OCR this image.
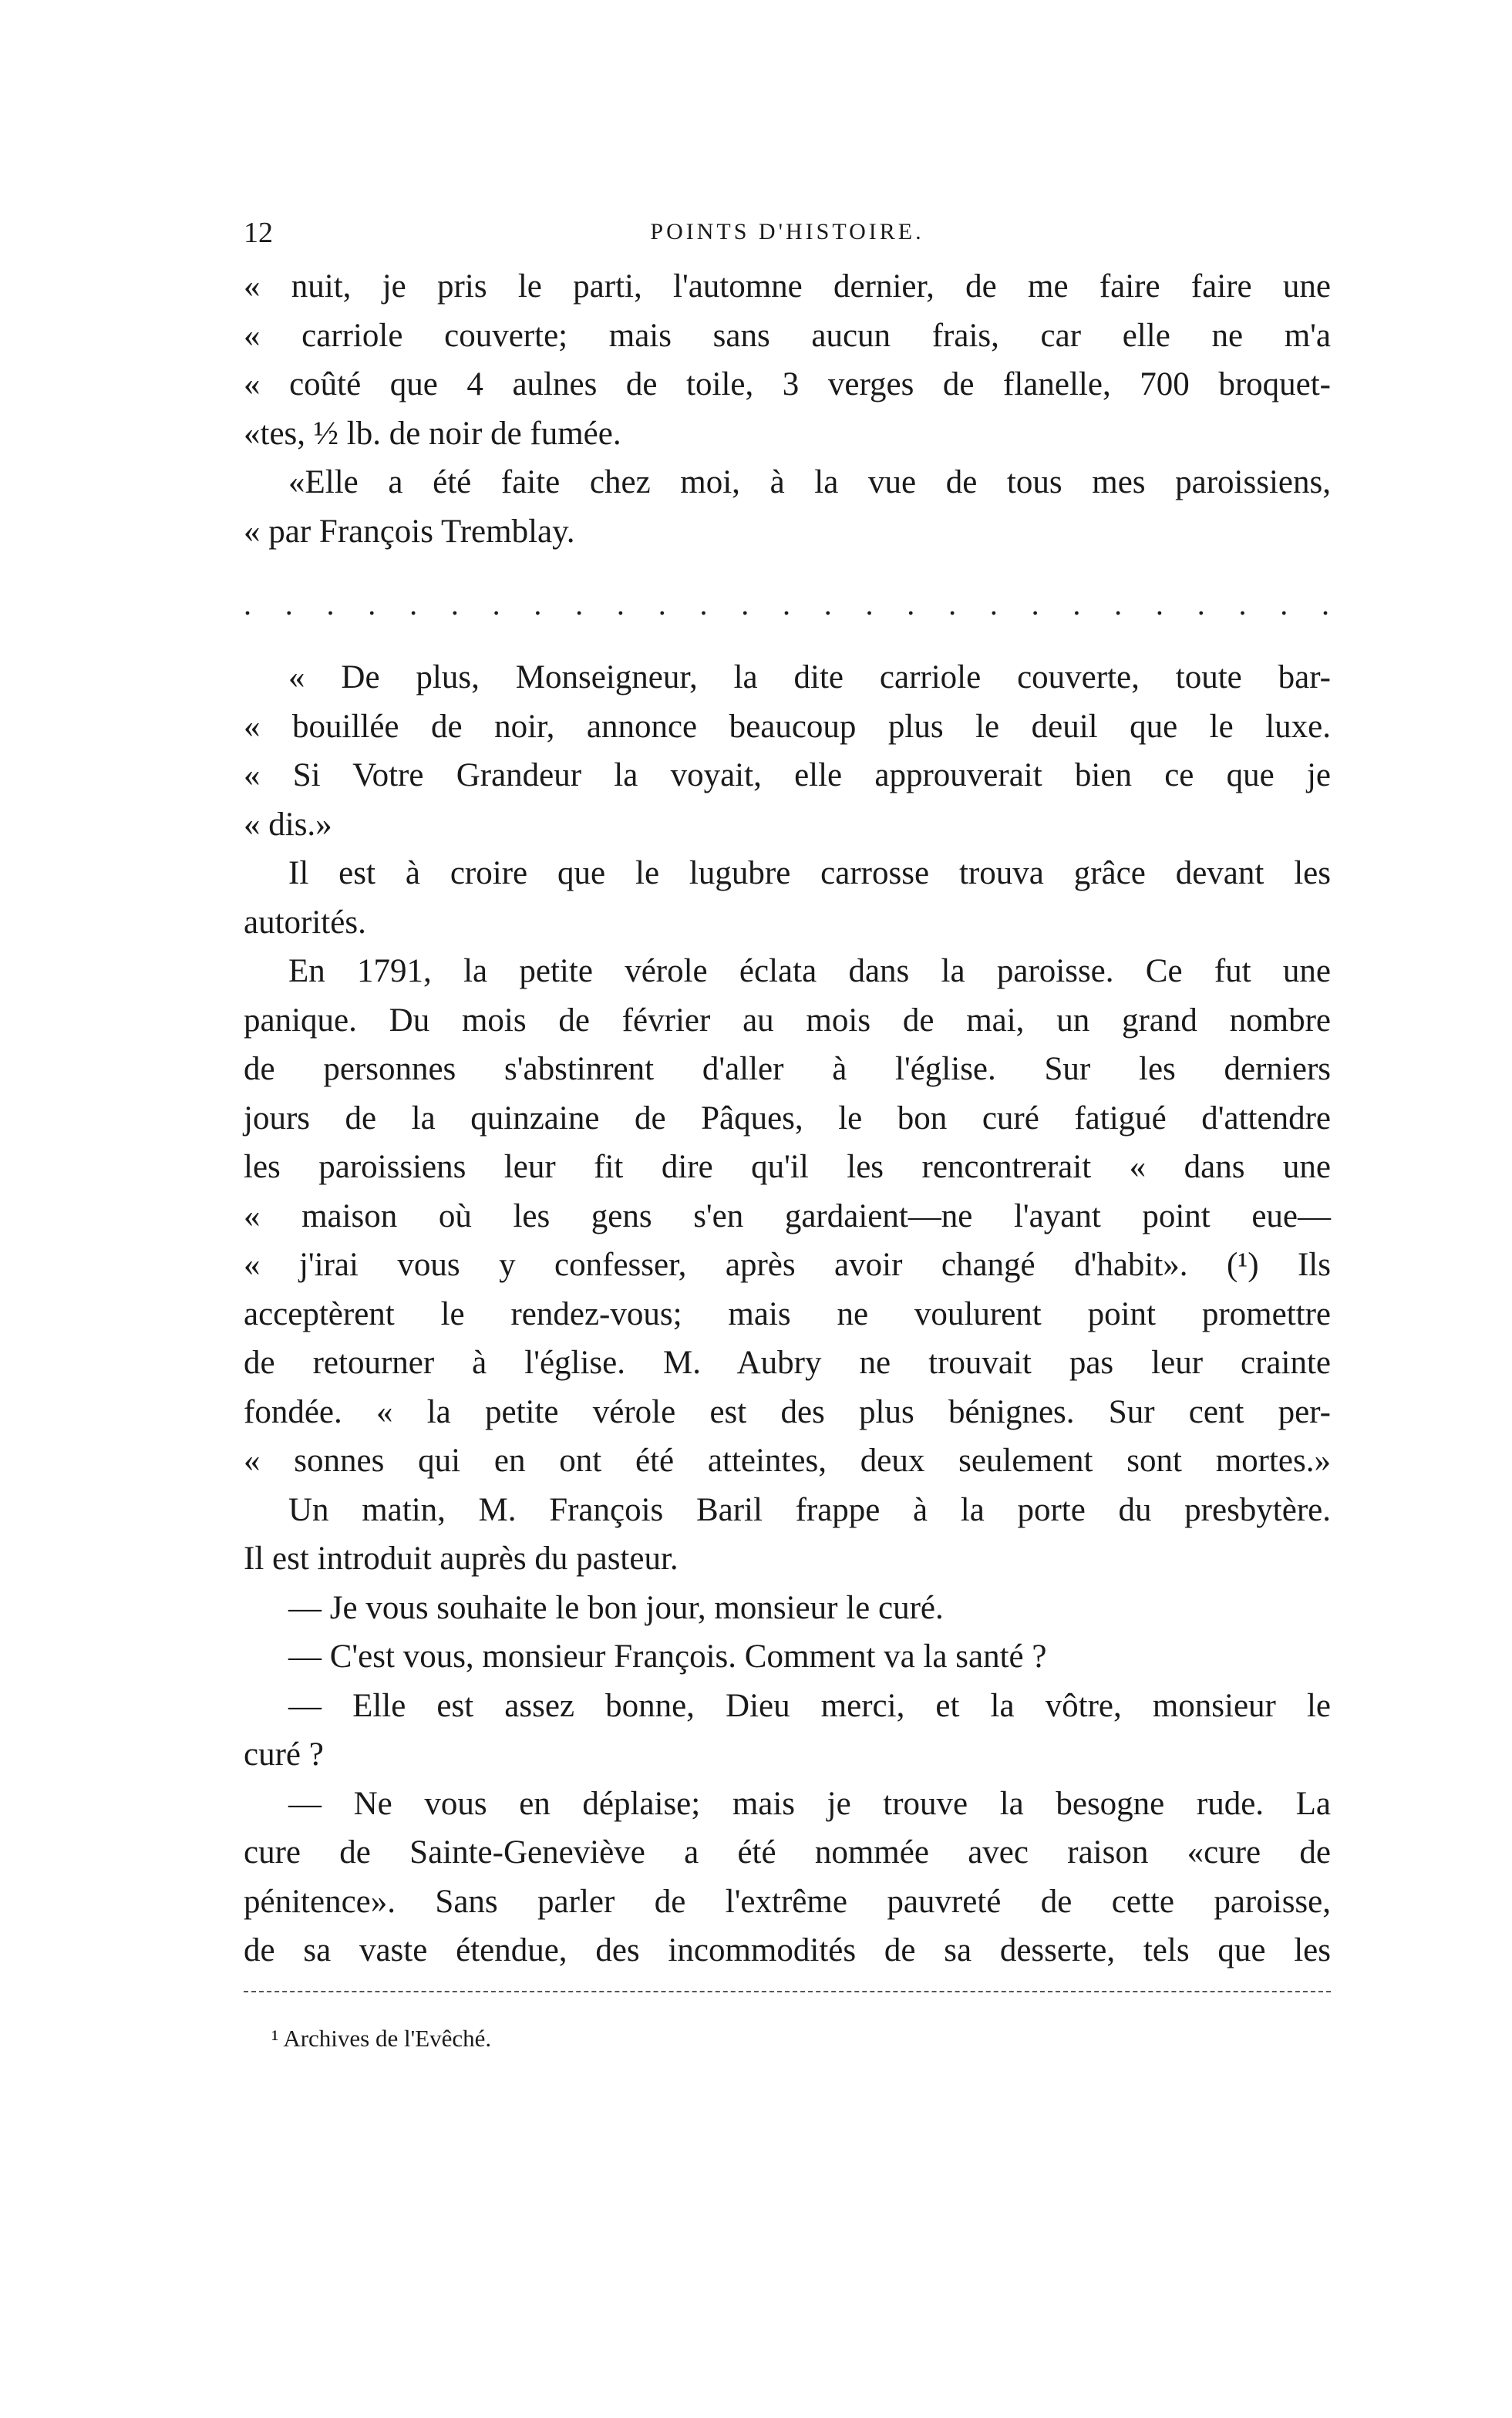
12	POINTS D'HISTOIRE.
« nuit, je pris le parti, l'automne dernier, de me faire faire une
« carriole couverte; mais sans aucun frais, car elle ne m'a
« coûté que 4 aulnes de toile, 3 verges de flanelle, 700 broquet-
«tes, ½ lb. de noir de fumée.
«Elle a été faite chez moi, à la vue de tous mes paroissiens,
« par François Tremblay.
. . . . . . . . . . . . . . . . . . . . . . . . . . .
« De plus, Monseigneur, la dite carriole couverte, toute bar-
« bouillée de noir, annonce beaucoup plus le deuil que le luxe.
« Si Votre Grandeur la voyait, elle approuverait bien ce que je
« dis.»
Il est à croire que le lugubre carrosse trouva grâce devant les
autorités.
En 1791, la petite vérole éclata dans la paroisse. Ce fut une
panique. Du mois de février au mois de mai, un grand nombre
de personnes s'abstinrent d'aller à l'église. Sur les derniers
jours de la quinzaine de Pâques, le bon curé fatigué d'attendre
les paroissiens leur fit dire qu'il les rencontrerait « dans une
« maison où les gens s'en gardaient—ne l'ayant point eue—
« j'irai vous y confesser, après avoir changé d'habit». (¹) Ils
acceptèrent le rendez-vous; mais ne voulurent point promettre
de retourner à l'église. M. Aubry ne trouvait pas leur crainte
fondée. « la petite vérole est des plus bénignes. Sur cent per-
« sonnes qui en ont été atteintes, deux seulement sont mortes.»
Un matin, M. François Baril frappe à la porte du presbytère.
Il est introduit auprès du pasteur.
— Je vous souhaite le bon jour, monsieur le curé.
— C'est vous, monsieur François. Comment va la santé ?
— Elle est assez bonne, Dieu merci, et la vôtre, monsieur le
curé ?
— Ne vous en déplaise; mais je trouve la besogne rude. La
cure de Sainte-Geneviève a été nommée avec raison «cure de
pénitence». Sans parler de l'extrême pauvreté de cette paroisse,
de sa vaste étendue, des incommodités de sa desserte, tels que les
¹ Archives de l'Evêché.
